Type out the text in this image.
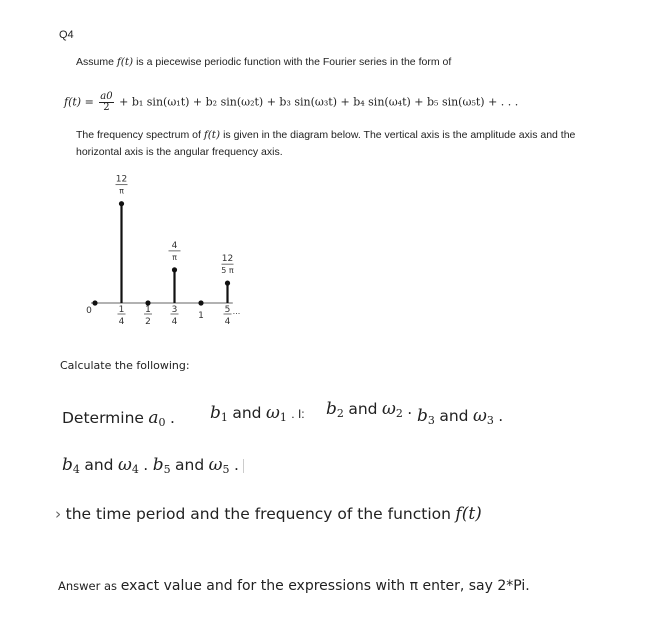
Q4
Assume f(t) is a piecewise periodic function with the Fourier series in the form of
$f(t) = \frac{a0}{2} + b_1$ sin(ω₁t) + b₂ sin(ω₂t) + b₃ sin(ω₃t) + b₄ sin(ω₄t) + b₅ sin(ω₅t) + . . .
The frequency spectrum of f(t) is given in the diagram below. The vertical axis is the amplitude axis and the
horizontal axis is the angular frequency axis.
0
12
π
4
π	12
5 π
1
4
1
2
3
4
1
5
4
...
Calculate the following:
Determine a0 . b1 and ω1 . I: b2 and ω2 . b3 and ω3 .
b4 and ω4 . b5 and ω5 .
› the time period and the frequency of the function f(t)
Answer as exact value and for the expressions with π enter, say 2*Pi.
